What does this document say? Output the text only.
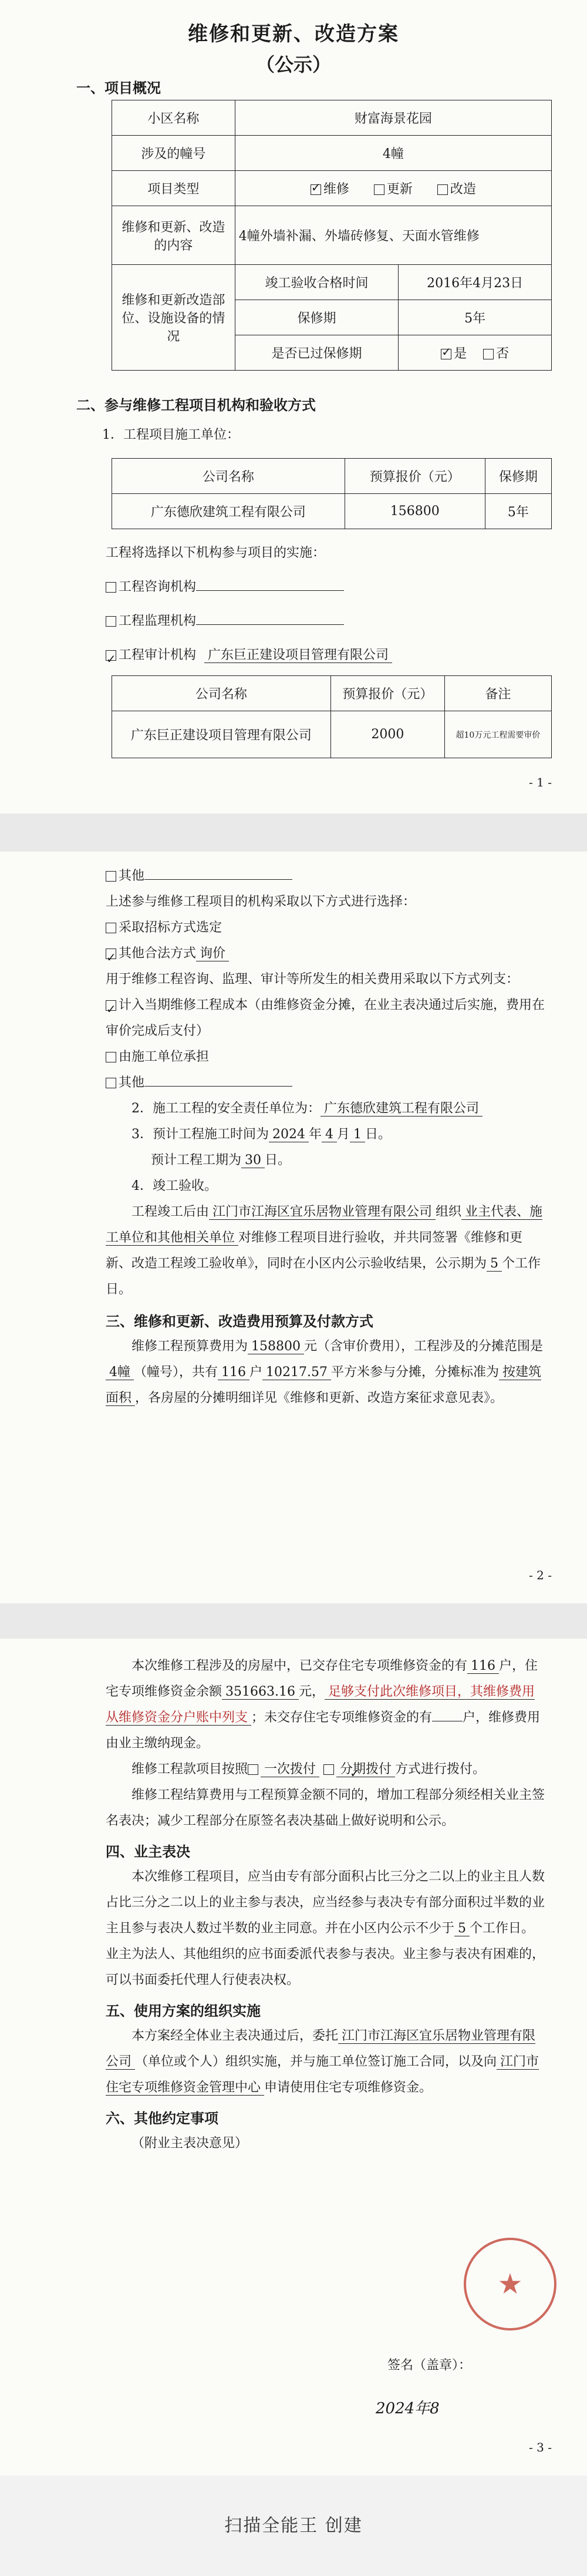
维修和更新、改造方案
（公示）
一、项目概况
小区名称	财富海景花园	
涉及的幢号	4幢	
项目类型	✓维修 更新 改造
维修和更新、改造的内容	4幢外墙补漏、外墙砖修复、天面水管维修	
维修和更新改造部位、设施设备的情况	竣工验收合格时间	2016年4月23日
	保修期	5年
	是否已过保修期	✓是 否
二、参与维修工程项目机构和验收方式

1．工程项目施工单位：

公司名称	预算报价（元）	保修期
广东德欣建筑工程有限公司	156800	5年

工程将选择以下机构参与项目的实施：

工程咨询机构

工程监理机构

✓工程审计机构 广东巨正建设项目管理有限公司

公司名称	预算报价（元）	备注
广东巨正建设项目管理有限公司	2000	超10万元工程需要审价
- 1 -

其他

上述参与维修工程项目的机构采取以下方式进行选择：

采取招标方式选定

✓其他合法方式 询价

用于维修工程咨询、监理、审计等所发生的相关费用采取以下方式列支：

✓计入当期维修工程成本（由维修资金分摊，在业主表决通过后实施，费用在审价完成后支付）

由施工单位承担

其他

2．施工工程的安全责任单位为： 广东德欣建筑工程有限公司

3．预计工程施工时间为 2024 年 4 月 1 日。

预计工程工期为 30 日。

4．竣工验收。

工程竣工后由 江门市江海区宜乐居物业管理有限公司 组织 业主代表、施工单位和其他相关单位 对维修工程项目进行验收，并共同签署《维修和更新、改造工程竣工验收单》，同时在小区内公示验收结果，公示期为 5 个工作日。

三、维修和更新、改造费用预算及付款方式

维修工程预算费用为 158800 元（含审价费用），工程涉及的分摊范围是4幢 （幢号），共有 116 户 10217.57 平方米参与分摊，分摊标准为 按建筑面积 ，各房屋的分摊明细详见《维修和更新、改造方案征求意见表》。

- 2 -

本次维修工程涉及的房屋中，已交存住宅专项维修资金的有 116 户，住宅专项维修资金余额 351663.16 元， 足够支付此次维修项目，其维修费用从维修资金分户账中列支 ；未交存住宅专项维修资金的有 户，维修费用由业主缴纳现金。

维修工程款项目按照 一次拨付 ✓ 分期拨付 方式进行拨付。

维修工程结算费用与工程预算金额不同的，增加工程部分须经相关业主签名表决；减少工程部分在原签名表决基础上做好说明和公示。

四、业主表决

本次维修工程项目，应当由专有部分面积占比三分之二以上的业主且人数占比三分之二以上的业主参与表决，应当经参与表决专有部分面积过半数的业主且参与表决人数过半数的业主同意。并在小区内公示不少于 5 个工作日。业主为法人、其他组织的应书面委派代表参与表决。业主参与表决有困难的，可以书面委托代理人行使表决权。

五、使用方案的组织实施

本方案经全体业主表决通过后，委托 江门市江海区宜乐居物业管理有限公司 （单位或个人）组织实施，并与施工单位签订施工合同，以及向 江门市住宅专项维修资金管理中心 申请使用住宅专项维修资金。

六、其他约定事项

（附业主表决意见）

★
签名（盖章）：
2024年8
- 3 -
扫描全能王 创建
